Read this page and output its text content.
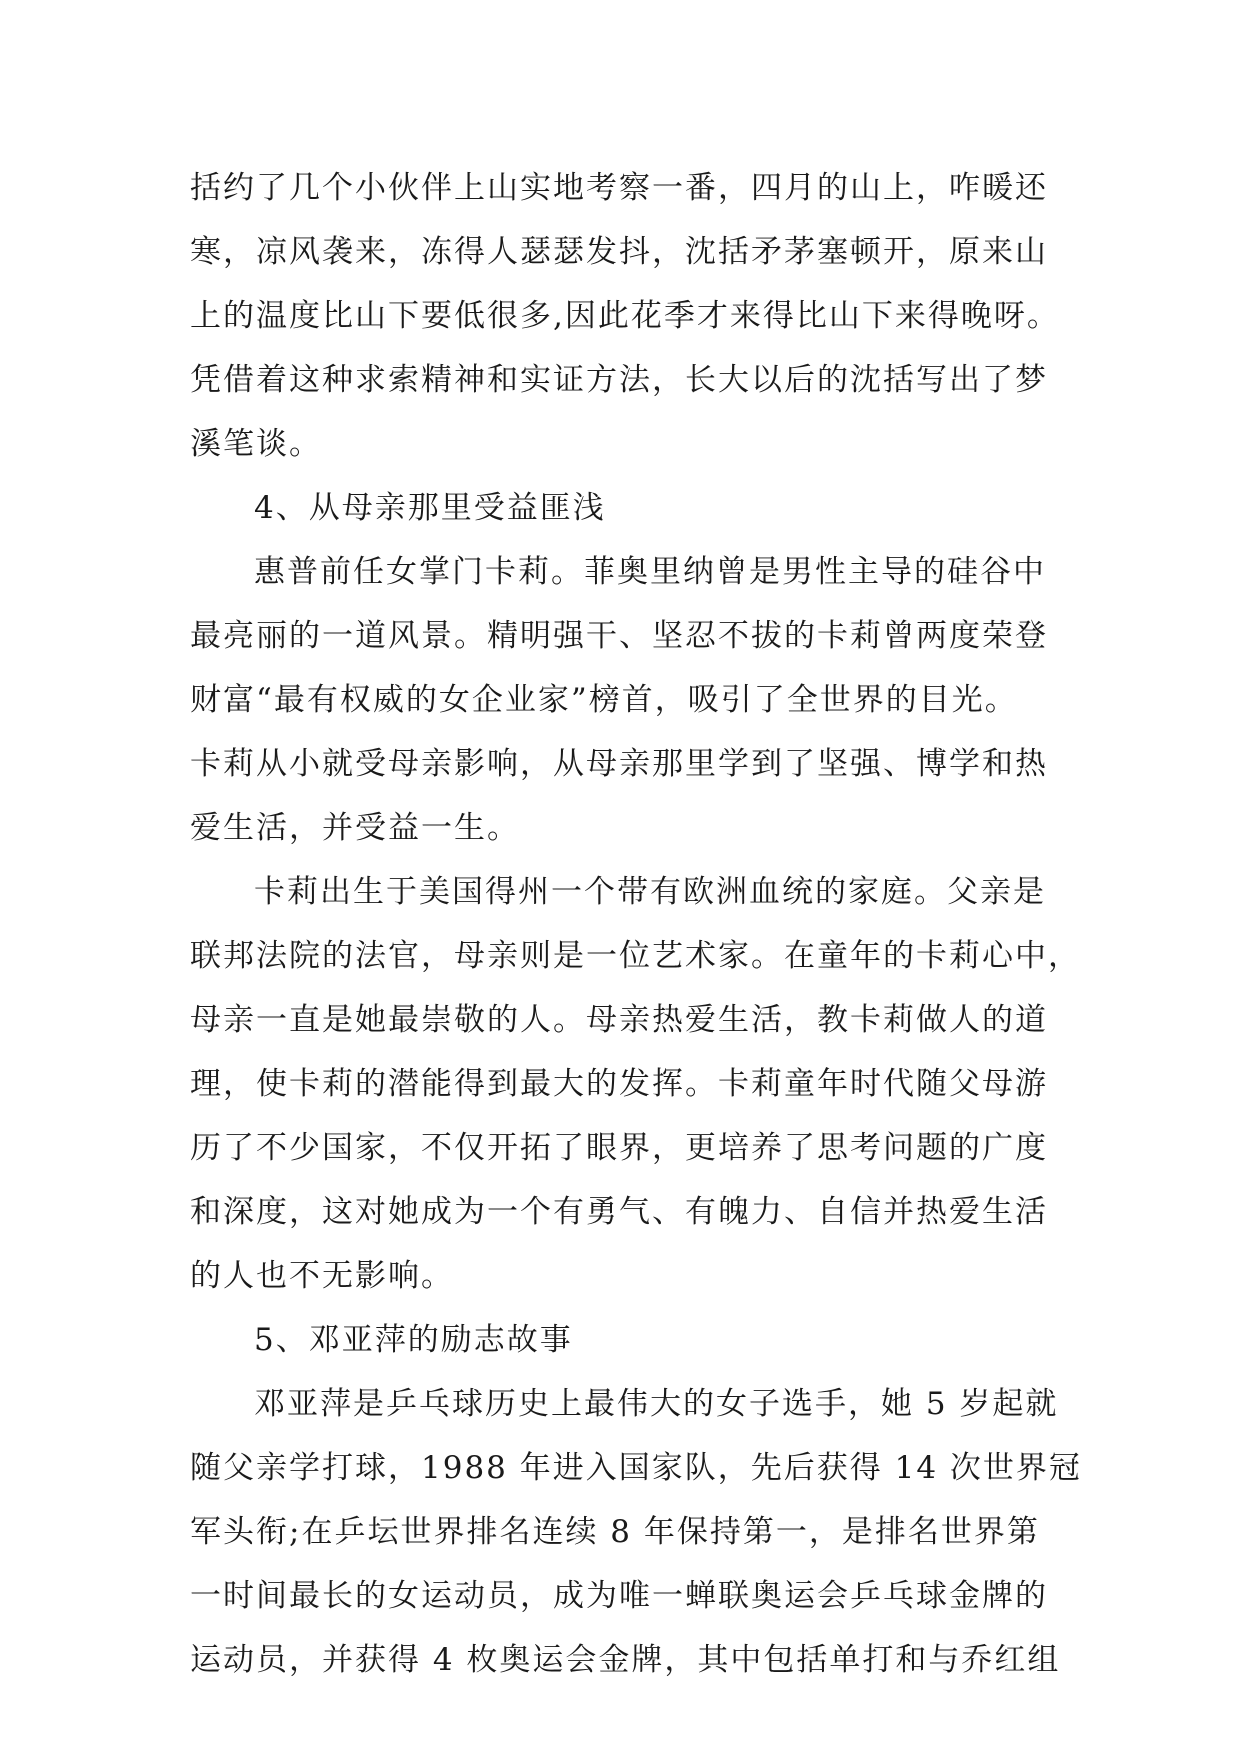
括约了几个小伙伴上山实地考察一番，四月的山上，咋暖还
寒，凉风袭来，冻得人瑟瑟发抖，沈括矛茅塞顿开，原来山
上的温度比山下要低很多,因此花季才来得比山下来得晚呀。
凭借着这种求索精神和实证方法，长大以后的沈括写出了梦
溪笔谈。
4、从母亲那里受益匪浅
惠普前任女掌门卡莉。菲奥里纳曾是男性主导的硅谷中
最亮丽的一道风景。精明强干、坚忍不拔的卡莉曾两度荣登
财富“最有权威的女企业家”榜首，吸引了全世界的目光。
卡莉从小就受母亲影响，从母亲那里学到了坚强、博学和热
爱生活，并受益一生。
卡莉出生于美国得州一个带有欧洲血统的家庭。父亲是
联邦法院的法官，母亲则是一位艺术家。在童年的卡莉心中，
母亲一直是她最崇敬的人。母亲热爱生活，教卡莉做人的道
理，使卡莉的潜能得到最大的发挥。卡莉童年时代随父母游
历了不少国家，不仅开拓了眼界，更培养了思考问题的广度
和深度，这对她成为一个有勇气、有魄力、自信并热爱生活
的人也不无影响。
5、邓亚萍的励志故事
邓亚萍是乒乓球历史上最伟大的女子选手，她 5 岁起就
随父亲学打球，1988 年进入国家队，先后获得 14 次世界冠
军头衔;在乒坛世界排名连续 8 年保持第一，是排名世界第
一时间最长的女运动员，成为唯一蝉联奥运会乒乓球金牌的
运动员，并获得 4 枚奥运会金牌，其中包括单打和与乔红组
